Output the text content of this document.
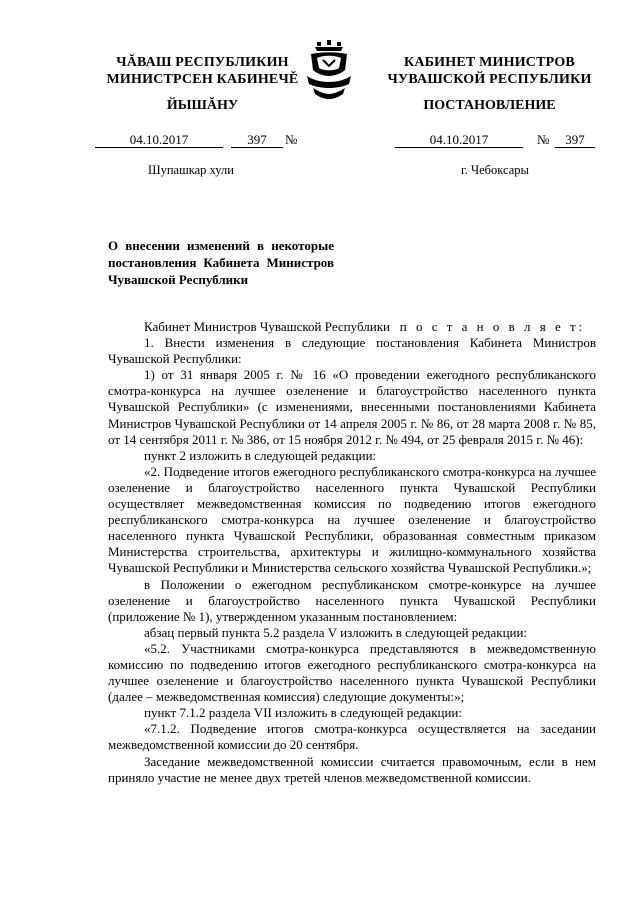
ЧĂВАШ РЕСПУБЛИКИН
МИНИСТРСЕН КАБИНЕЧĚ
ЙЫШĂНУ
КАБИНЕТ МИНИСТРОВ
ЧУВАШСКОЙ РЕСПУБЛИКИ
ПОСТАНОВЛЕНИЕ
04.10.2017	397	№	04.10.2017	№	397
Шупашкар хули	г. Чебоксары
О внесении изменений в некоторые постановления Кабинета Министров Чувашской Республики

Кабинет Министров Чувашской Республики п о с т а н о в л я е т:

1. Внести изменения в следующие постановления Кабинета Министров Чувашской Республики:

1) от 31 января 2005 г. № 16 «О проведении ежегодного республиканского смотра-конкурса на лучшее озеленение и благоустройство населенного пункта Чувашской Республики» (с изменениями, внесенными постановлениями Кабинета Министров Чувашской Республики от 14 апреля 2005 г. № 86, от 28 марта 2008 г. № 85, от 14 сентября 2011 г. № 386, от 15 ноября 2012 г. № 494, от 25 февраля 2015 г. № 46):

пункт 2 изложить в следующей редакции:

«2. Подведение итогов ежегодного республиканского смотра-конкурса на лучшее озеленение и благоустройство населенного пункта Чувашской Республики осуществляет межведомственная комиссия по подведению итогов ежегодного республиканского смотра-конкурса на лучшее озеленение и благоустройство населенного пункта Чувашской Республики, образованная совместным приказом Министерства строительства, архитектуры и жилищно-коммунального хозяйства Чувашской Республики и Министерства сельского хозяйства Чувашской Республики.»;

в Положении о ежегодном республиканском смотре-конкурсе на лучшее озеленение и благоустройство населенного пункта Чувашской Республики (приложение № 1), утвержденном указанным постановлением:

абзац первый пункта 5.2 раздела V изложить в следующей редакции:

«5.2. Участниками смотра-конкурса представляются в межведомственную комиссию по подведению итогов ежегодного республиканского смотра-конкурса на лучшее озеленение и благоустройство населенного пункта Чувашской Республики (далее – межведомственная комиссия) следующие документы:»;

пункт 7.1.2 раздела VII изложить в следующей редакции:

«7.1.2. Подведение итогов смотра-конкурса осуществляется на заседании межведомственной комиссии до 20 сентября.

Заседание межведомственной комиссии считается правомочным, если в нем приняло участие не менее двух третей членов межведомственной комиссии.
